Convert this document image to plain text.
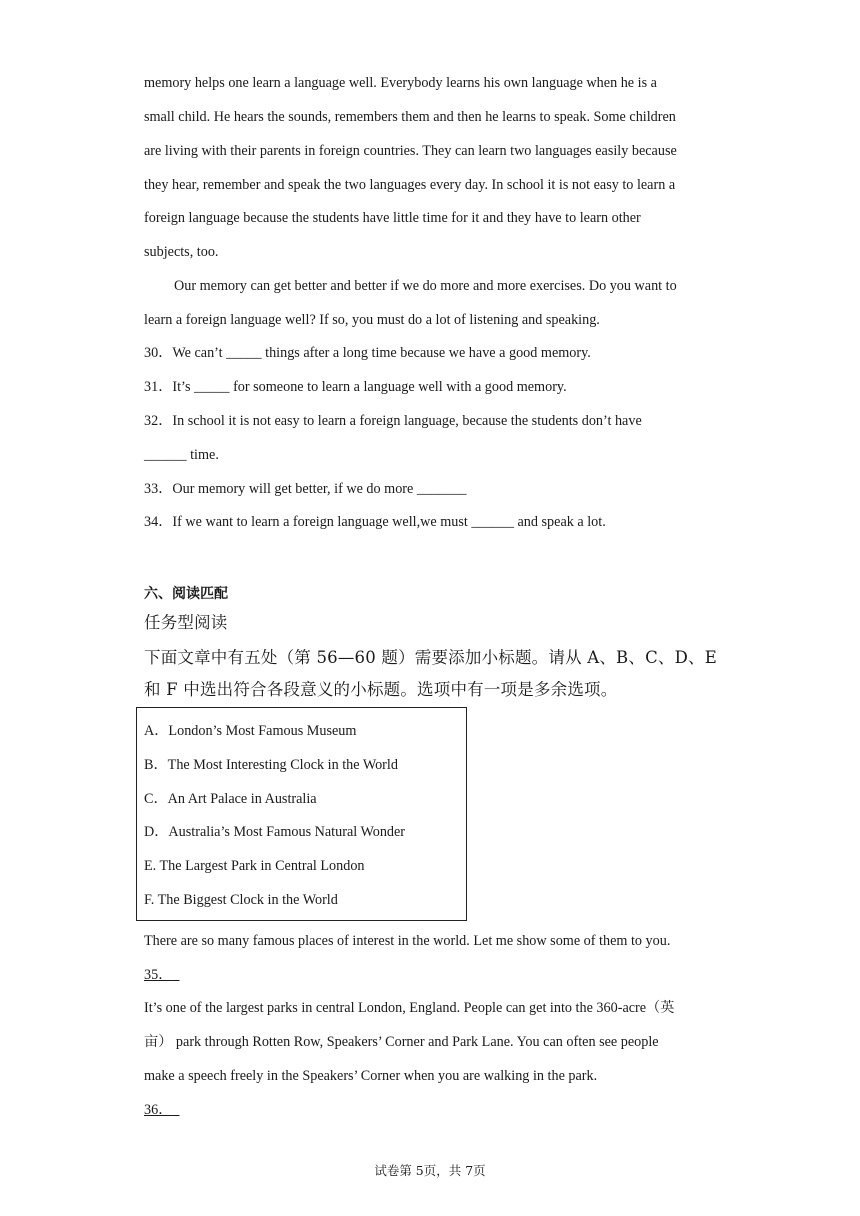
memory helps one learn a language well. Everybody learns his own language when he is a
small child. He hears the sounds, remembers them and then he learns to speak. Some children
are living with their parents in foreign countries. They can learn two languages easily because
they hear, remember and speak the two languages every day. In school it is not easy to learn a
foreign language because the students have little time for it and they have to learn other
subjects, too.
Our memory can get better and better if we do more and more exercises. Do you want to
learn a foreign language well? If so, you must do a lot of listening and speaking.
30．We can’t _____ things after a long time because we have a good memory.
31．It’s _____ for someone to learn a language well with a good memory.
32．In school it is not easy to learn a foreign language, because the students don’t have
______ time.
33．Our memory will get better, if we do more _______
34．If we want to learn a foreign language well,we must ______ and speak a lot.
六、阅读匹配
任务型阅读
下面文章中有五处（第 56—60 题）需要添加小标题。请从 A、B、C、D、E
和 F 中选出符合各段意义的小标题。选项中有一项是多余选项。
A．London’s Most Famous Museum
B．The Most Interesting Clock in the World
C．An Art Palace in Australia
D．Australia’s Most Famous Natural Wonder
E. The Largest Park in Central London
F. The Biggest Clock in the World
There are so many famous places of interest in the world. Let me show some of them to you.
35．
It’s one of the largest parks in central London, England. People can get into the 360-acre（英
亩） park through Rotten Row, Speakers’ Corner and Park Lane. You can often see people
make a speech freely in the Speakers’ Corner when you are walking in the park.
36．
试卷第 5页，共 7页
